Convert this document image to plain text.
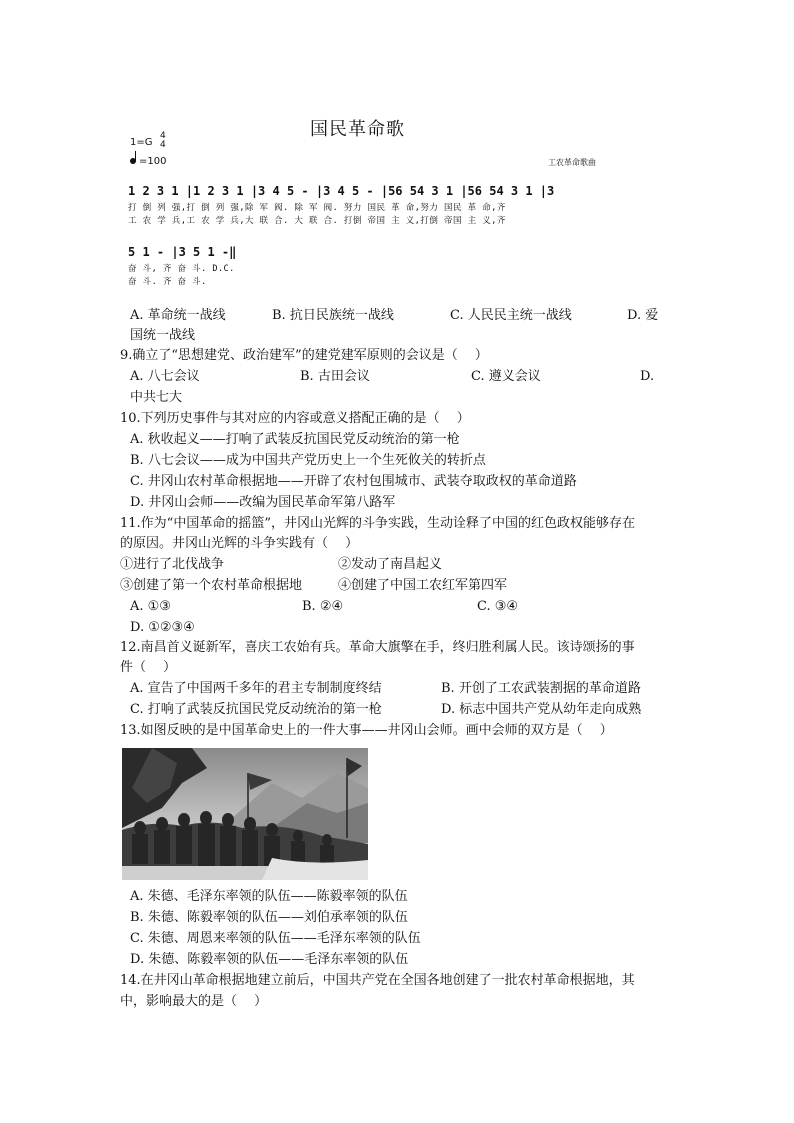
国民革命歌
1=G
4
4
=100	工农革命歌曲
1 2 3 1 |1 2 3 1 |3 4 5 - |3 4 5 - |56 54 3 1 |56 54 3 1 |3
打 倒 列 强,打 倒 列 强,除 军 阀. 除 军 阀. 努力 国民 革 命,努力 国民 革 命,齐
工 农 学 兵,工 农 学 兵,大 联 合. 大 联 合. 打倒 帝国 主 义,打倒 帝国 主 义,齐
5 1 - |3 5 1 -‖
奋 斗, 齐 奋 斗. D.C.
奋 斗. 齐 奋 斗.
A. 革命统一战线	B. 抗日民族统一战线	C. 人民民主统一战线	D. 爱
国统一战线
9.确立了“思想建党、政治建军”的建党建军原则的会议是（　 ）
A. 八七会议	B. 古田会议	C. 遵义会议	D.
中共七大
10.下列历史事件与其对应的内容或意义搭配正确的是（　 ）
A. 秋收起义——打响了武装反抗国民党反动统治的第一枪
B. 八七会议——成为中国共产党历史上一个生死攸关的转折点
C. 井冈山农村革命根据地——开辟了农村包围城市、武装夺取政权的革命道路
D. 井冈山会师——改编为国民革命军第八路军
11.作为“中国革命的摇篮”，井冈山光辉的斗争实践，生动诠释了中国的红色政权能够存在
的原因。井冈山光辉的斗争实践有（　 ）
①进行了北伐战争	②发动了南昌起义
③创建了第一个农村革命根据地	④创建了中国工农红军第四军
A. ①③	B. ②④	C. ③④
D. ①②③④
12.南昌首义诞新军，喜庆工农始有兵。革命大旗擎在手，终归胜利属人民。该诗颂扬的事
件（　 ）
A. 宣告了中国两千多年的君主专制制度终结	B. 开创了工农武装割据的革命道路
C. 打响了武装反抗国民党反动统治的第一枪	D. 标志中国共产党从幼年走向成熟
13.如图反映的是中国革命史上的一件大事——井冈山会师。画中会师的双方是（　 ）
A. 朱德、毛泽东率领的队伍——陈毅率领的队伍
B. 朱德、陈毅率领的队伍——刘伯承率领的队伍
C. 朱德、周恩来率领的队伍——毛泽东率领的队伍
D. 朱德、陈毅率领的队伍——毛泽东率领的队伍
14.在井冈山革命根据地建立前后，中国共产党在全国各地创建了一批农村革命根据地，其
中，影响最大的是（　 ）
